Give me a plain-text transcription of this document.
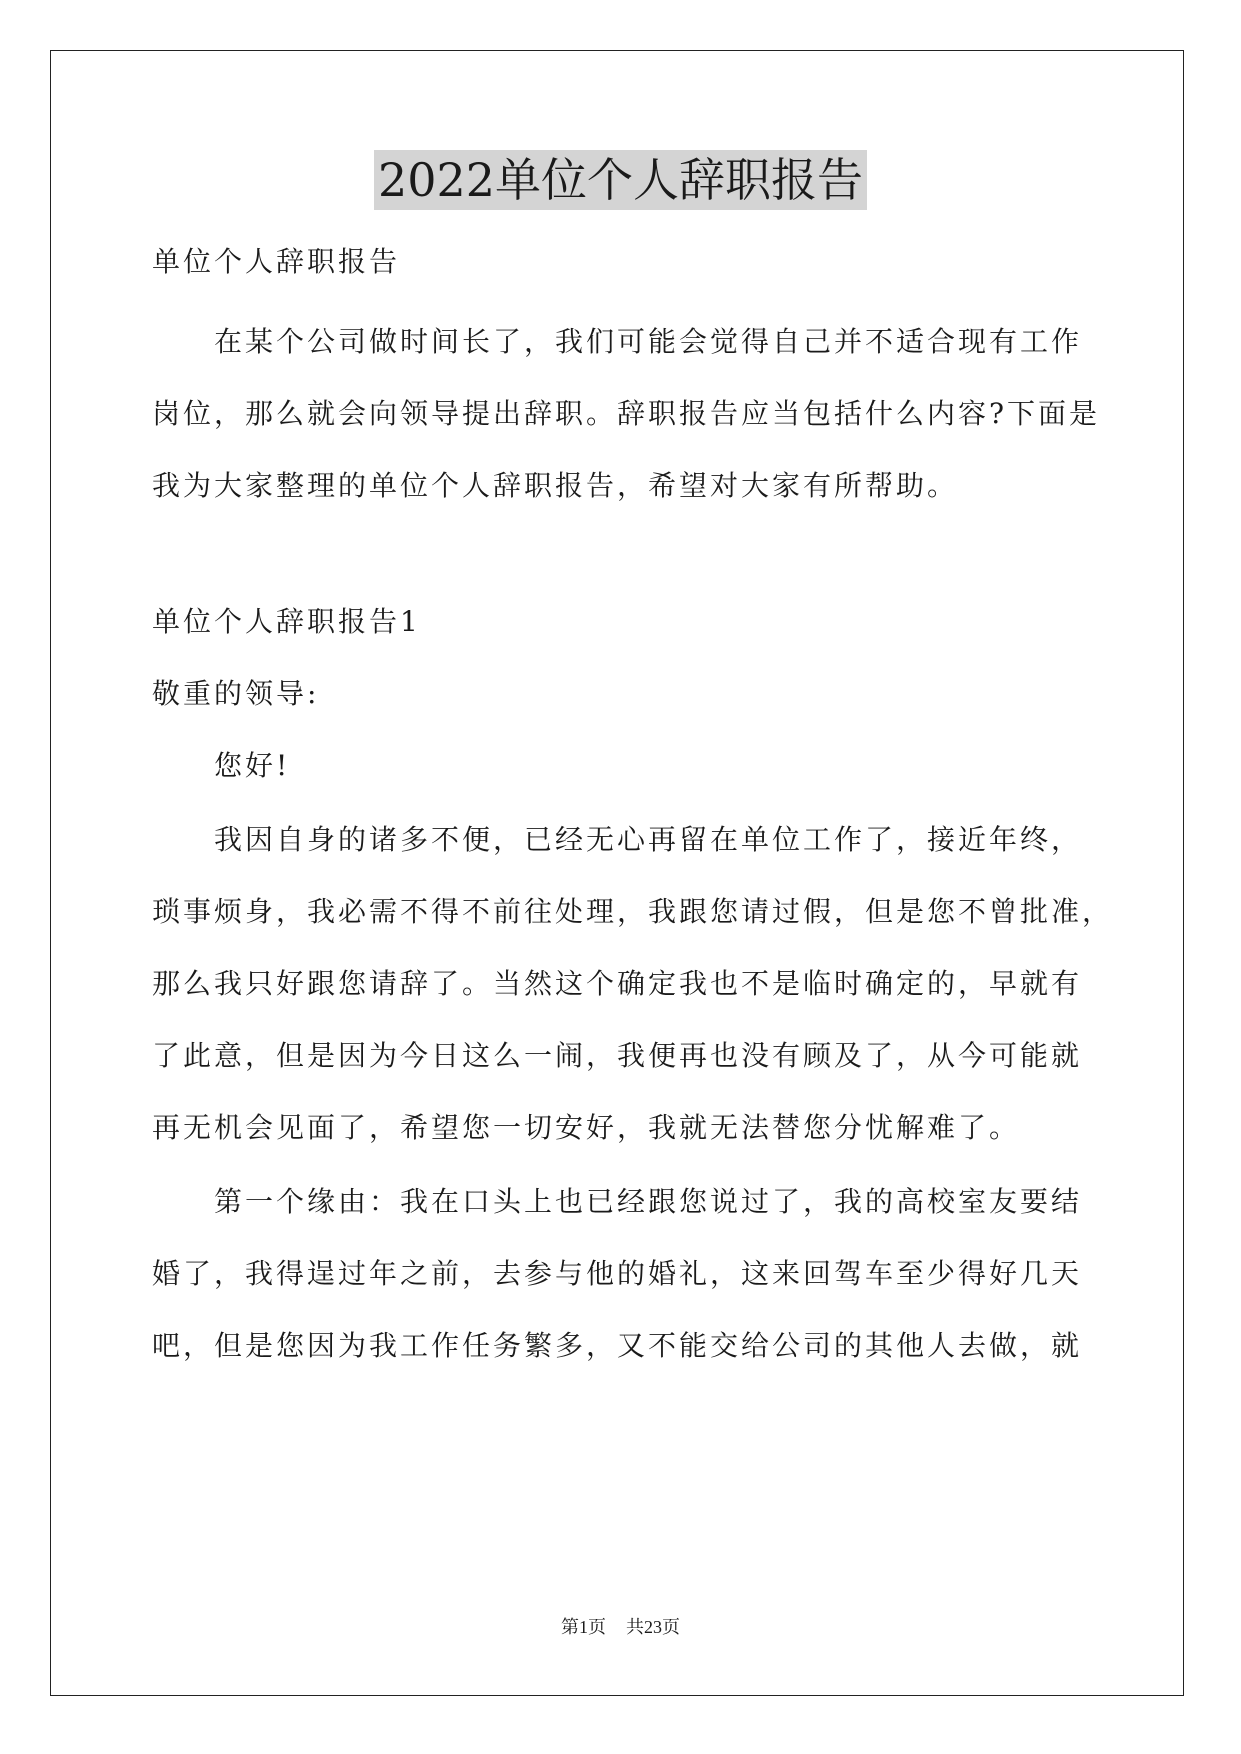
2022单位个人辞职报告
单位个人辞职报告
在某个公司做时间长了，我们可能会觉得自己并不适合现有工作
岗位，那么就会向领导提出辞职。辞职报告应当包括什么内容?下面是
我为大家整理的单位个人辞职报告，希望对大家有所帮助。
单位个人辞职报告1
敬重的领导:
您好!
我因自身的诸多不便，已经无心再留在单位工作了，接近年终，
琐事烦身，我必需不得不前往处理，我跟您请过假，但是您不曾批准，
那么我只好跟您请辞了。当然这个确定我也不是临时确定的，早就有
了此意，但是因为今日这么一闹，我便再也没有顾及了，从今可能就
再无机会见面了，希望您一切安好，我就无法替您分忧解难了。
第一个缘由：我在口头上也已经跟您说过了，我的高校室友要结
婚了，我得逞过年之前，去参与他的婚礼，这来回驾车至少得好几天
吧，但是您因为我工作任务繁多，又不能交给公司的其他人去做，就
第1页 共23页
